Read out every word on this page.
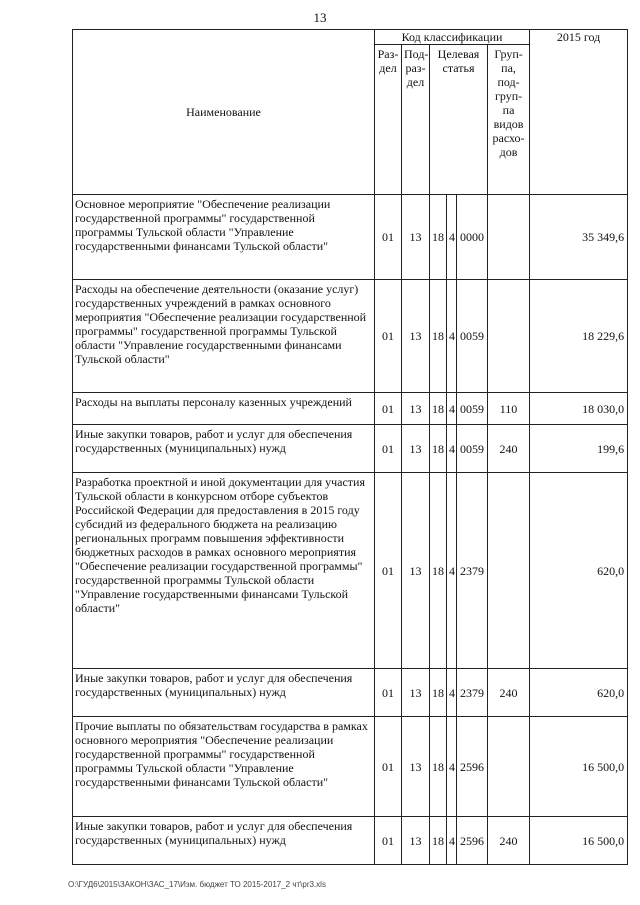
13
Наименование	Код классификации						2015 год
	Раз- дел	Под- раз- дел	Целевая статья			Груп- па, под- груп- па видов расхо- дов	
Основное мероприятие "Обеспечение реализации государственной программы" государственной программы Тульской области "Управление государственными финансами Тульской области"	01	13	18	4	0000		35 349,6
Расходы на обеспечение деятельности (оказание услуг) государственных учреждений в рамках основного мероприятия "Обеспечение реализации государственной программы" государственной программы Тульской области "Управление государственными финансами Тульской области"	01	13	18	4	0059		18 229,6
Расходы на выплаты персоналу казенных учреждений	01	13	18	4	0059	110	18 030,0
Иные закупки товаров, работ и услуг для обеспечения государственных (муниципальных) нужд	01	13	18	4	0059	240	199,6
Разработка проектной и иной документации для участия Тульской области в конкурсном отборе субъектов Российской Федерации для предоставления в 2015 году субсидий из федерального бюджета на реализацию региональных программ повышения эффективности бюджетных расходов в рамках основного мероприятия "Обеспечение реализации государственной программы" государственной программы Тульской области "Управление государственными финансами Тульской области"	01	13	18	4	2379		620,0
Иные закупки товаров, работ и услуг для обеспечения государственных (муниципальных) нужд	01	13	18	4	2379	240	620,0
Прочие выплаты по обязательствам государства в рамках основного мероприятия "Обеспечение реализации государственной программы" государственной программы Тульской области "Управление государственными финансами Тульской области"	01	13	18	4	2596		16 500,0
Иные закупки товаров, работ и услуг для обеспечения государственных (муниципальных) нужд	01	13	18	4	2596	240	16 500,0
O:\ГУД6\2015\ЗАКОН\ЗАС_17\Изм. бюджет ТО 2015-2017_2 чт\pr3.xls
